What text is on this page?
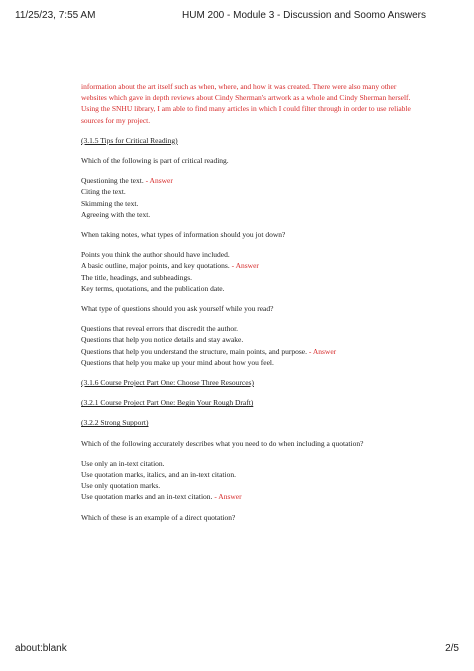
11/25/23, 7:55 AM	HUM 200 - Module 3 - Discussion and Soomo Answers

information about the art itself such as when, where, and how it was created. There were also many other websites which gave in depth reviews about Cindy Sherman's artwork as a whole and Cindy Sherman herself. Using the SNHU library, I am able to find many articles in which I could filter through in order to use reliable sources for my project.

(3.1.5 Tips for Critical Reading)

Which of the following is part of critical reading.

Questioning the text. - Answer

Citing the text.

Skimming the text.

Agreeing with the text.

When taking notes, what types of information should you jot down?

Points you think the author should have included.

A basic outline, major points, and key quotations. - Answer

The title, headings, and subheadings.

Key terms, quotations, and the publication date.

What type of questions should you ask yourself while you read?

Questions that reveal errors that discredit the author.

Questions that help you notice details and stay awake.

Questions that help you understand the structure, main points, and purpose. - Answer

Questions that help you make up your mind about how you feel.

(3.1.6 Course Project Part One: Choose Three Resources)

(3.2.1 Course Project Part One: Begin Your Rough Draft)

(3.2.2 Strong Support)

Which of the following accurately describes what you need to do when including a quotation?

Use only an in-text citation.

Use quotation marks, italics, and an in-text citation.

Use only quotation marks.

Use quotation marks and an in-text citation. - Answer

Which of these is an example of a direct quotation?

about:blank	2/5
